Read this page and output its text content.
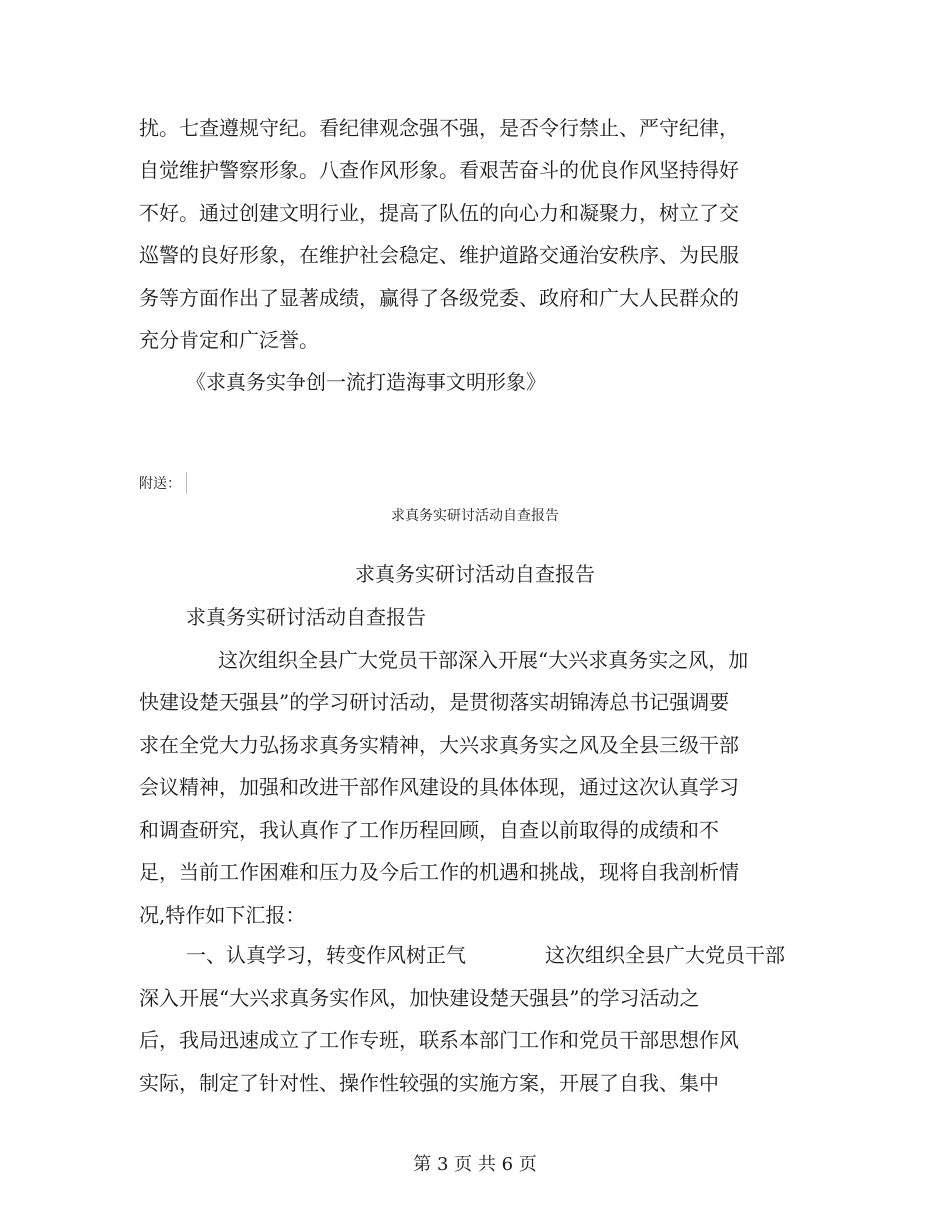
扰。七查遵规守纪。看纪律观念强不强，是否令行禁止、严守纪律，
自觉维护警察形象。八查作风形象。看艰苦奋斗的优良作风坚持得好
不好。通过创建文明行业，提高了队伍的向心力和凝聚力，树立了交
巡警的良好形象，在维护社会稳定、维护道路交通治安秩序、为民服
务等方面作出了显著成绩，赢得了各级党委、政府和广大人民群众的
充分肯定和广泛誉。
《求真务实争创一流打造海事文明形象》
附送：
求真务实研讨活动自查报告
求真务实研讨活动自查报告
求真务实研讨活动自查报告
这次组织全县广大党员干部深入开展“大兴求真务实之风，加
快建设楚天强县”的学习研讨活动，是贯彻落实胡锦涛总书记强调要
求在全党大力弘扬求真务实精神，大兴求真务实之风及全县三级干部
会议精神，加强和改进干部作风建设的具体体现，通过这次认真学习
和调查研究，我认真作了工作历程回顾，自查以前取得的成绩和不
足，当前工作困难和压力及今后工作的机遇和挑战，现将自我剖析情
况,特作如下汇报：
一、认真学习，转变作风树正气	这次组织全县广大党员干部
深入开展“大兴求真务实作风，加快建设楚天强县”的学习活动之
后，我局迅速成立了工作专班，联系本部门工作和党员干部思想作风
实际，制定了针对性、操作性较强的实施方案，开展了自我、集中
第 3 页 共 6 页
